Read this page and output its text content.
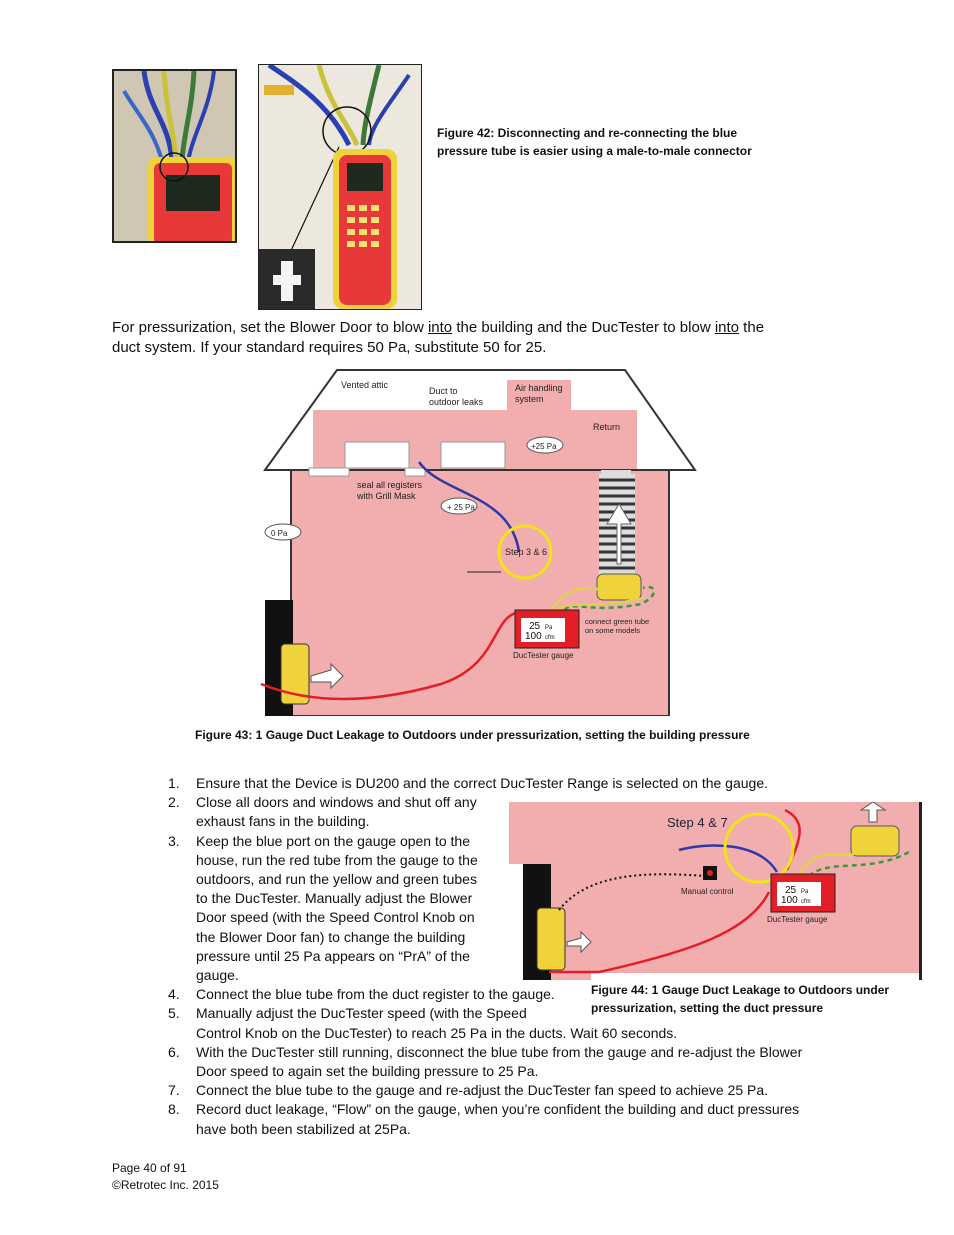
Figure 42: Disconnecting and re-connecting the blue
pressure tube is easier using a male-to-male connector
For pressurization, set the Blower Door to blow into the building and the DucTester to blow into the
duct system. If your standard requires 50 Pa, substitute 50 for 25.
Vented attic
Duct to
outdoor leaks
Air handling
system
+25 Pa
Return
seal all registers
with Grill Mask
+ 25 Pa
0 Pa
Step 3 & 6
25 Pa
100 cfm
DucTester gauge
connect green tube
on some models
Figure 43: 1 Gauge Duct Leakage to Outdoors under pressurization, setting the building pressure
Step 4 & 7
Manual control	25 Pa
100 cfm
DucTester gauge
Figure 44: 1 Gauge Duct Leakage to Outdoors under
pressurization, setting the duct pressure
1. Ensure that the Device is DU200 and the correct DucTester Range is selected on the gauge.
2. Close all doors and windows and shut off any
exhaust fans in the building.
3. Keep the blue port on the gauge open to the
house, run the red tube from the gauge to the
outdoors, and run the yellow and green tubes
to the DucTester. Manually adjust the Blower
Door speed (with the Speed Control Knob on
the Blower Door fan) to change the building
pressure until 25 Pa appears on “PrA” of the
gauge.
4. Connect the blue tube from the duct register to the gauge.
5. Manually adjust the DucTester speed (with the Speed
Control Knob on the DucTester) to reach 25 Pa in the ducts. Wait 60 seconds.
6. With the DucTester still running, disconnect the blue tube from the gauge and re-adjust the Blower
Door speed to again set the building pressure to 25 Pa.
7. Connect the blue tube to the gauge and re-adjust the DucTester fan speed to achieve 25 Pa.
8. Record duct leakage, “Flow” on the gauge, when you’re confident the building and duct pressures
have both been stabilized at 25Pa.
Page 40 of 91
©Retrotec Inc. 2015
